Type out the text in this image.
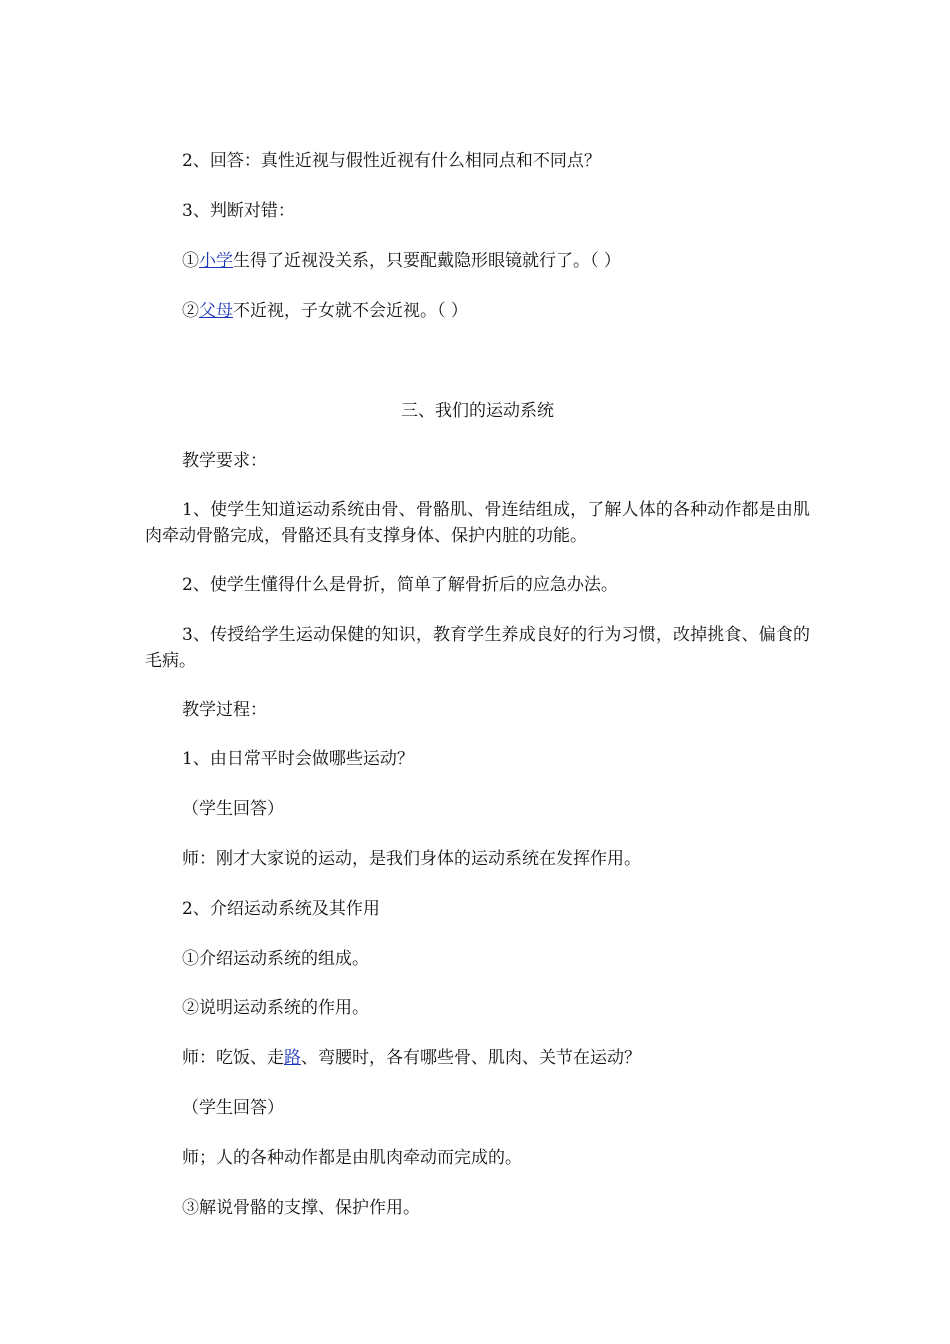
2、回答：真性近视与假性近视有什么相同点和不同点？
3、判断对错：
①小学生得了近视没关系，只要配戴隐形眼镜就行了。（ ）
②父母不近视，子女就不会近视。（ ）
三、我们的运动系统
教学要求：
1、使学生知道运动系统由骨、骨骼肌、骨连结组成，了解人体的各种动作都是由肌肉牵动骨骼完成，骨骼还具有支撑身体、保护内脏的功能。
2、使学生懂得什么是骨折，简单了解骨折后的应急办法。
3、传授给学生运动保健的知识，教育学生养成良好的行为习惯，改掉挑食、偏食的毛病。
教学过程：
1、由日常平时会做哪些运动？
（学生回答）
师：刚才大家说的运动，是我们身体的运动系统在发挥作用。
2、介绍运动系统及其作用
①介绍运动系统的组成。
②说明运动系统的作用。
师：吃饭、走路、弯腰时，各有哪些骨、肌肉、关节在运动？
（学生回答）
师；人的各种动作都是由肌肉牵动而完成的。
③解说骨骼的支撑、保护作用。
